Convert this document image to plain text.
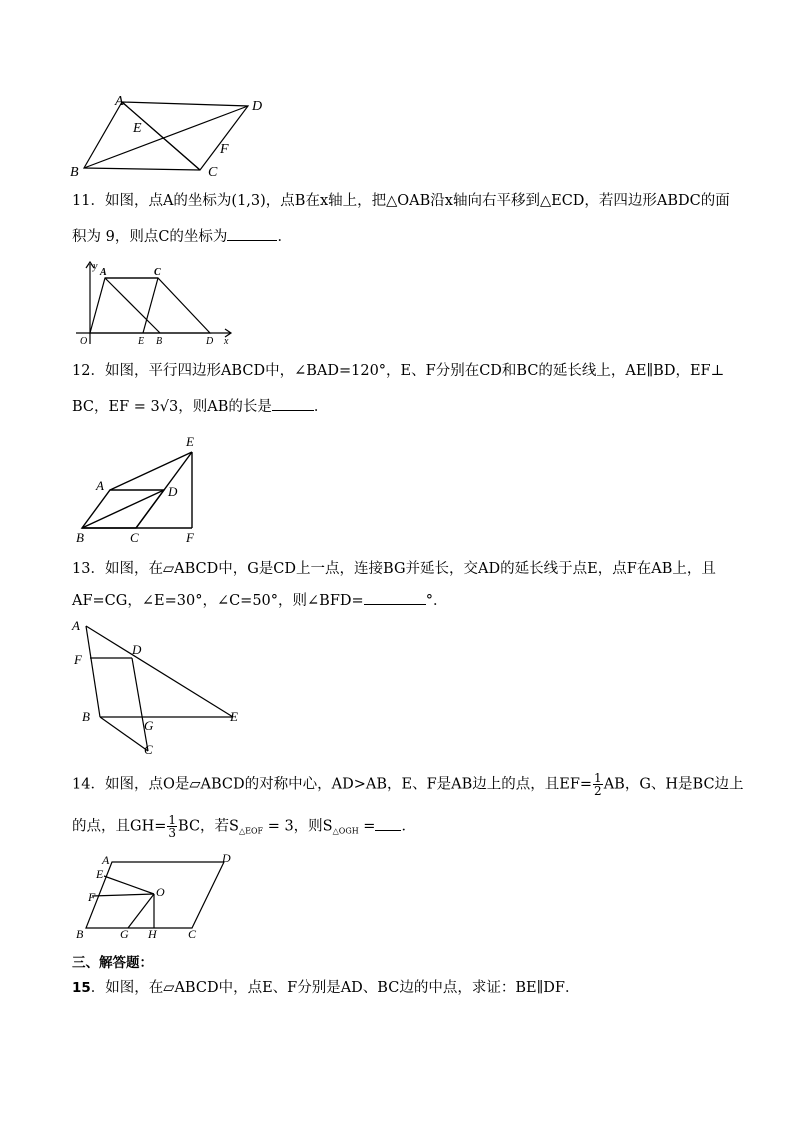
A	D
E
F
B	C
11．如图，点A的坐标为(1,3)，点B在x轴上，把△OAB沿x轴向右平移到△ECD，若四边形ABDC的面
积为 9，则点C的坐标为	．
y
A	C
O	E B	D x
12．如图，平行四边形ABCD中，∠BAD=120°，E、F分别在CD和BC的延长线上，AE∥BD，EF⊥
BC，EF = 3√3，则AB的长是	．
E
A	D
B	C	F
13．如图，在▱ABCD中，G是CD上一点，连接BG并延长，交AD的延长线于点E，点F在AB上，且
AF=CG，∠E=30°，∠C=50°，则∠BFD=	°．
A
D
F
B
G
E
C
14．如图，点O是▱ABCD的对称中心，AD>AB，E、F是AB边上的点，且$EF= \frac{1}{2}$ AB，G、H是BC边上
的点，且$GH= \frac{1}{3}$ BC，若$S_{\triangle EOF} = 3$，则$S_{\triangle OGH}$ = ．
A	D
E
F	O
B	G H	C
三、解答题：
15．如图，在▱ABCD中，点E、F分别是AD、BC边的中点，求证：BE∥DF．
